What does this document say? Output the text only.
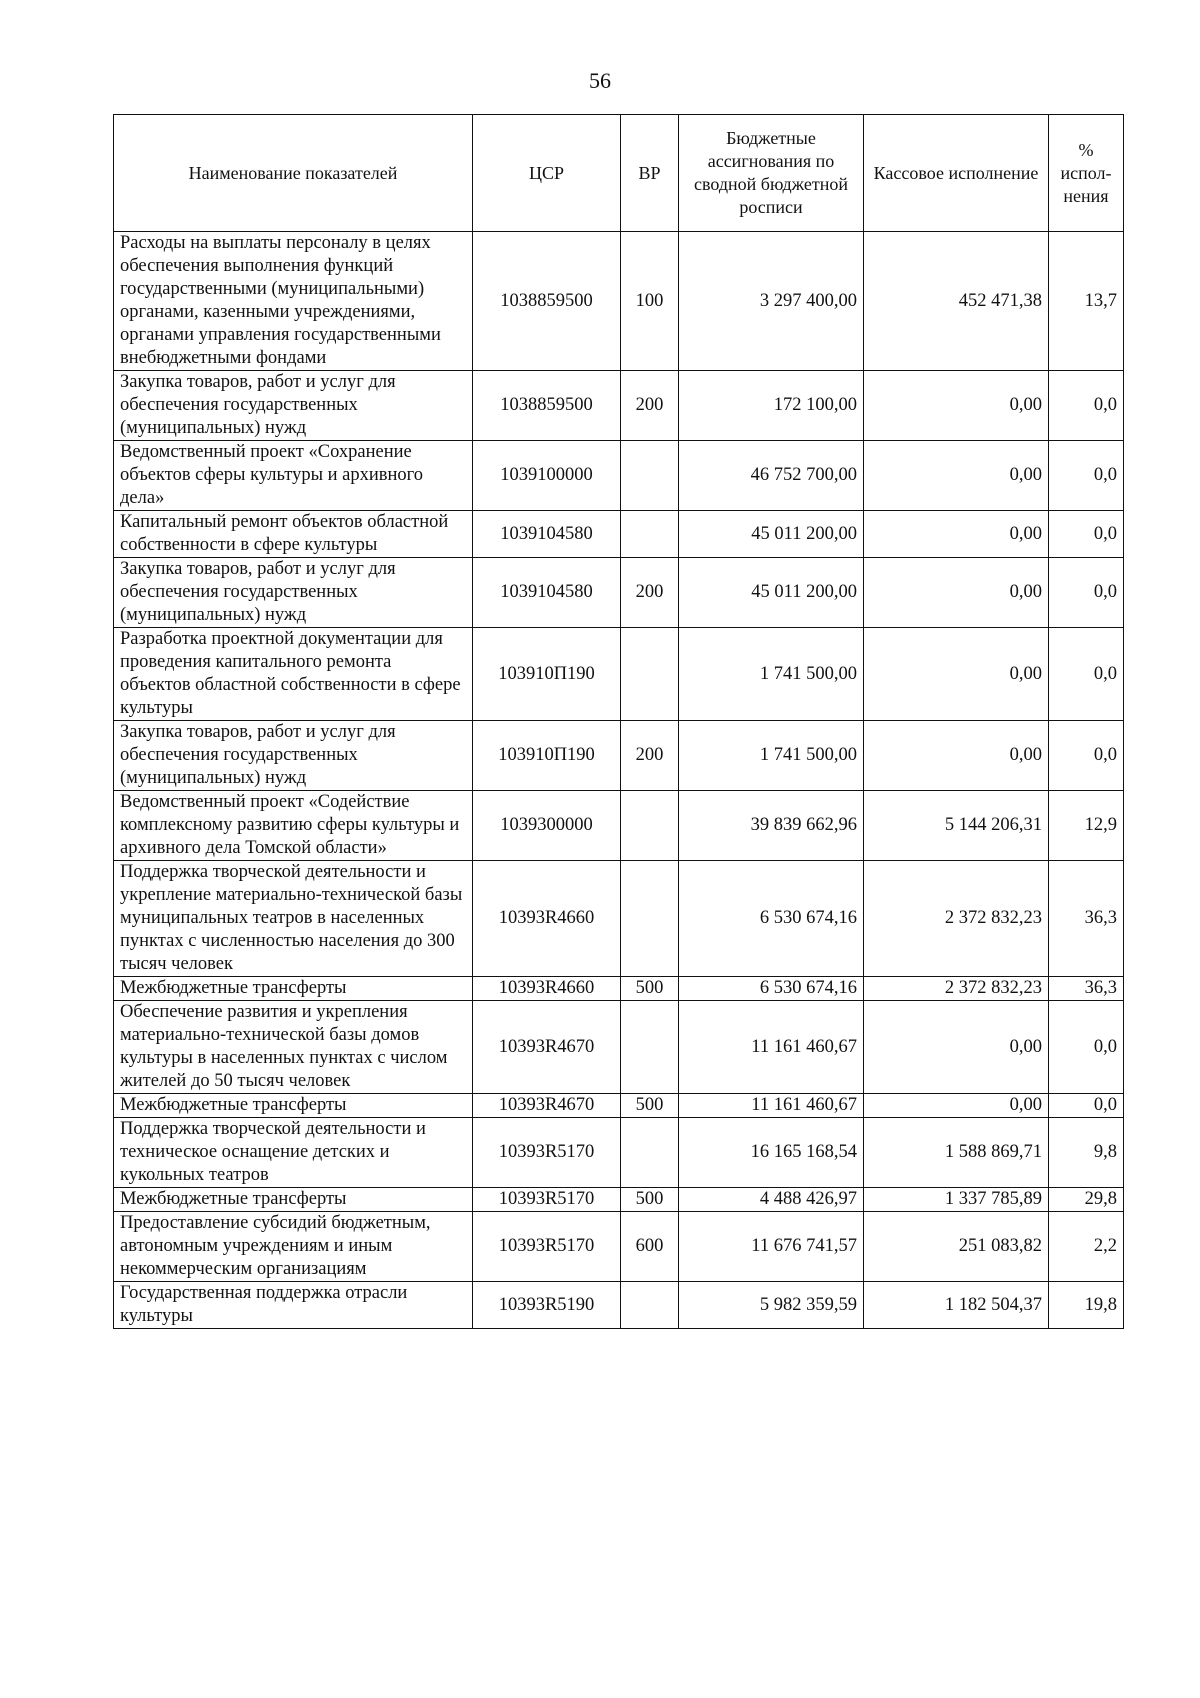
56
Наименование показателей	ЦСР	ВР	Бюджетные ассигнования по сводной бюджетной росписи	Кассовое исполнение	% испол-нения
Расходы на выплаты персоналу в целях обеспечения выполнения функций государственными (муниципальными) органами, казенными учреждениями, органами управления государственными внебюджетными фондами	1038859500	100	3 297 400,00	452 471,38	13,7
Закупка товаров, работ и услуг для обеспечения государственных (муниципальных) нужд	1038859500	200	172 100,00	0,00	0,0
Ведомственный проект «Сохранение объектов сферы культуры и архивного дела»	1039100000		46 752 700,00	0,00	0,0
Капитальный ремонт объектов областной собственности в сфере культуры	1039104580		45 011 200,00	0,00	0,0
Закупка товаров, работ и услуг для обеспечения государственных (муниципальных) нужд	1039104580	200	45 011 200,00	0,00	0,0
Разработка проектной документации для проведения капитального ремонта объектов областной собственности в сфере культуры	103910П190		1 741 500,00	0,00	0,0
Закупка товаров, работ и услуг для обеспечения государственных (муниципальных) нужд	103910П190	200	1 741 500,00	0,00	0,0
Ведомственный проект «Содействие комплексному развитию сферы культуры и архивного дела Томской области»	1039300000		39 839 662,96	5 144 206,31	12,9
Поддержка творческой деятельности и укрепление материально-технической базы муниципальных театров в населенных пунктах с численностью населения до 300 тысяч человек	10393R4660		6 530 674,16	2 372 832,23	36,3
Межбюджетные трансферты	10393R4660	500	6 530 674,16	2 372 832,23	36,3
Обеспечение развития и укрепления материально-технической базы домов культуры в населенных пунктах с числом жителей до 50 тысяч человек	10393R4670		11 161 460,67	0,00	0,0
Межбюджетные трансферты	10393R4670	500	11 161 460,67	0,00	0,0
Поддержка творческой деятельности и техническое оснащение детских и кукольных театров	10393R5170		16 165 168,54	1 588 869,71	9,8
Межбюджетные трансферты	10393R5170	500	4 488 426,97	1 337 785,89	29,8
Предоставление субсидий бюджетным, автономным учреждениям и иным некоммерческим организациям	10393R5170	600	11 676 741,57	251 083,82	2,2
Государственная поддержка отрасли культуры	10393R5190		5 982 359,59	1 182 504,37	19,8
